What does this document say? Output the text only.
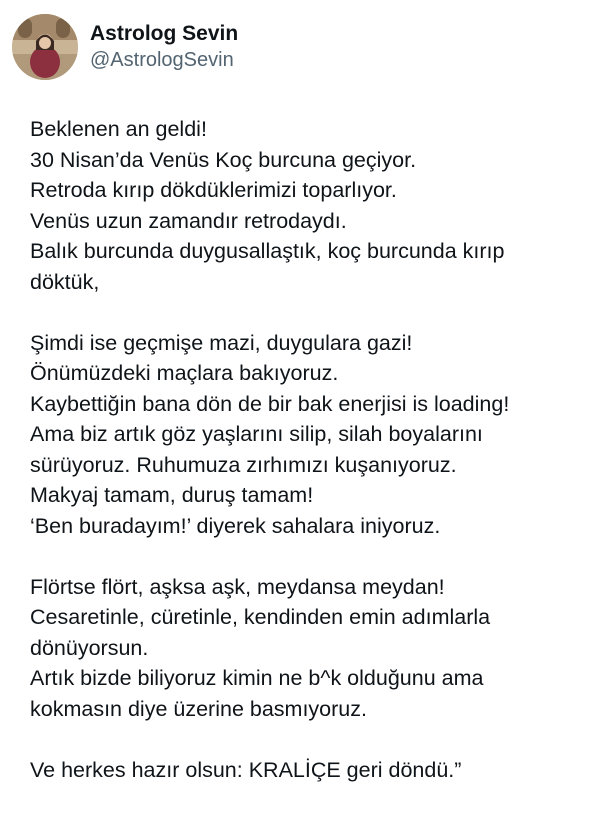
Astrolog Sevin
@AstrologSevin

Beklenen an geldi!
30 Nisan’da Venüs Koç burcuna geçiyor.
Retroda kırıp dökdüklerimizi toparlıyor.
Venüs uzun zamandır retrodaydı.
Balık burcunda duygusallaştık, koç burcunda kırıp
döktük,

Şimdi ise geçmişe mazi, duygulara gazi!
Önümüzdeki maçlara bakıyoruz.
Kaybettiğin bana dön de bir bak enerjisi is loading!
Ama biz artık göz yaşlarını silip, silah boyalarını
sürüyoruz. Ruhumuza zırhımızı kuşanıyoruz.
Makyaj tamam, duruş tamam!
‘Ben buradayım!’ diyerek sahalara iniyoruz.

Flörtse flört, aşksa aşk, meydansa meydan!
Cesaretinle, cüretinle, kendinden emin adımlarla
dönüyorsun.
Artık bizde biliyoruz kimin ne b^k olduğunu ama
kokmasın diye üzerine basmıyoruz.

Ve herkes hazır olsun: KRALİÇE geri döndü.”
